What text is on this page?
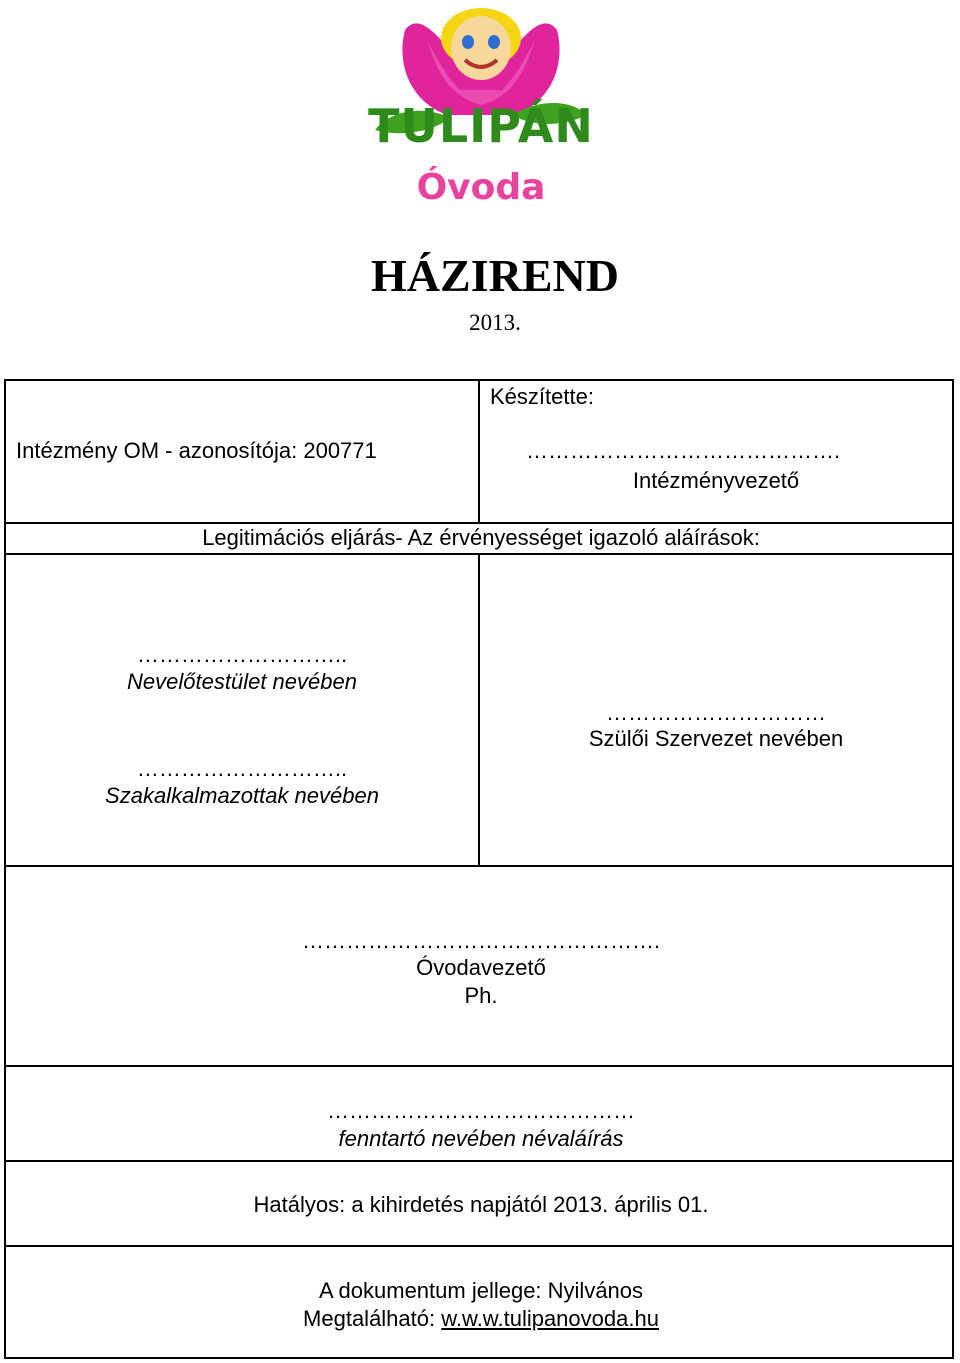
TULIPÁN
Óvoda
HÁZIREND
2013.
Intézmény OM - azonosítója: 200771
Készítette:
…………………………………….
Intézményvezető
Legitimációs eljárás- Az érvényességet igazoló aláírások:
………………………..
Nevelőtestület nevében
………………………..
Szakalkalmazottak nevében
…………………………
Szülői Szervezet nevében
………………………………………….
Óvodavezető
Ph.
……………………………………
fenntartó nevében névaláírás
Hatályos: a kihirdetés napjától 2013. április 01.
A dokumentum jellege: Nyilvános
Megtalálható: w.w.w.tulipanovoda.hu
